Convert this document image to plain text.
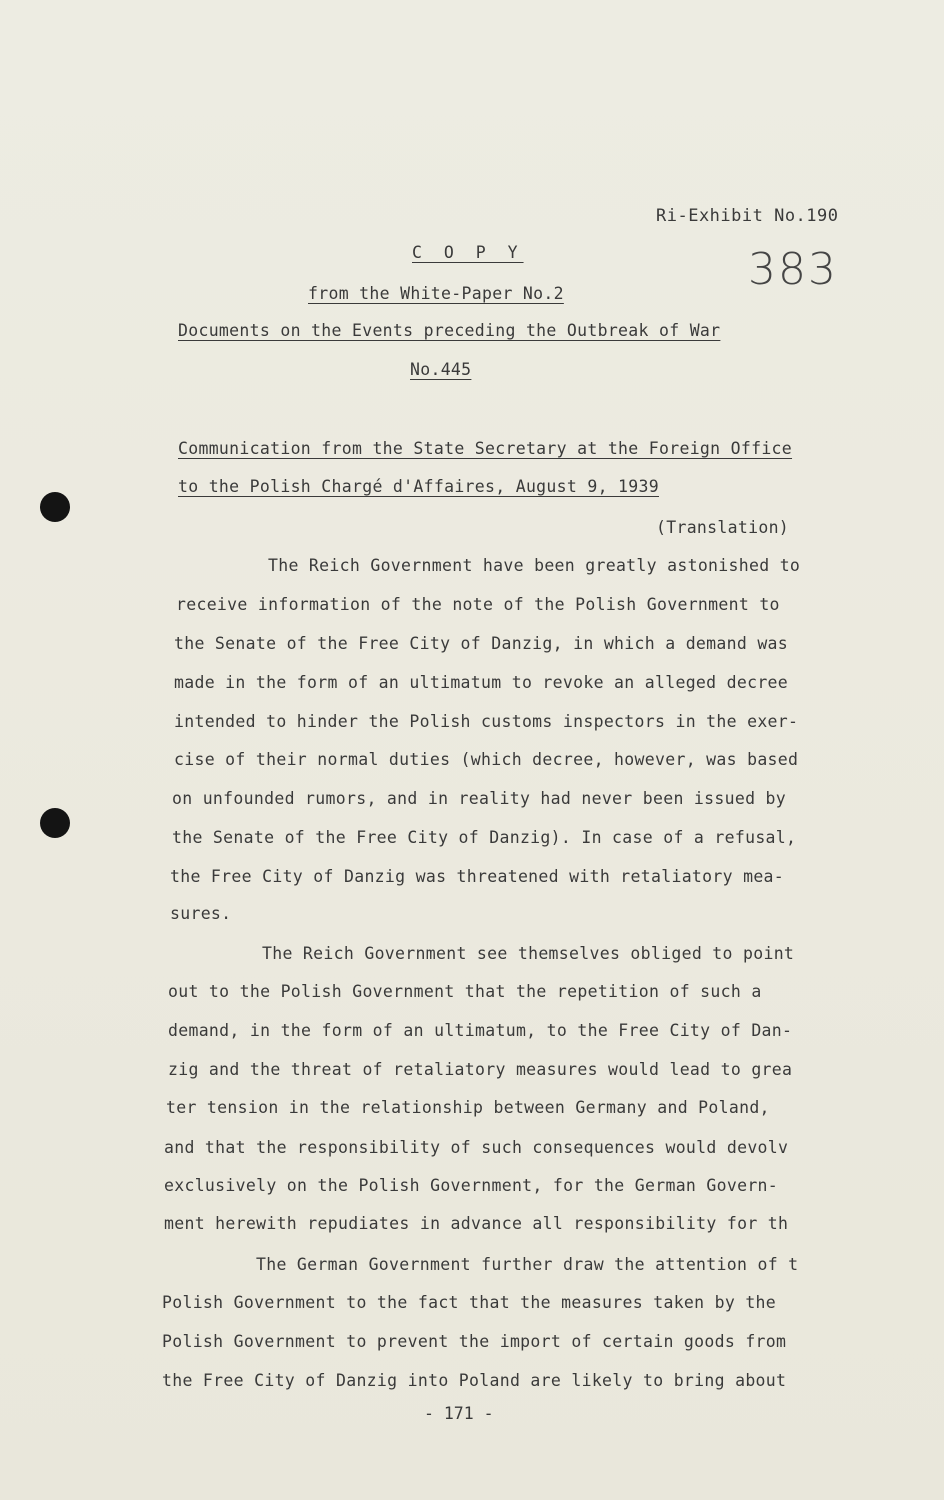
Ri-Exhibit No.190
383
C O P Y
from the White-Paper No.2
Documents on the Events preceding the Outbreak of War
No.445
Communication from the State Secretary at the Foreign Office
to the Polish Chargé d'Affaires, August 9, 1939
(Translation)
The Reich Government have been greatly astonished to
receive information of the note of the Polish Government to
the Senate of the Free City of Danzig, in which a demand was
made in the form of an ultimatum to revoke an alleged decree
intended to hinder the Polish customs inspectors in the exer-
cise of their normal duties (which decree, however, was based
on unfounded rumors, and in reality had never been issued by
the Senate of the Free City of Danzig). In case of a refusal,
the Free City of Danzig was threatened with retaliatory mea-
sures.
The Reich Government see themselves obliged to point
out to the Polish Government that the repetition of such a
demand, in the form of an ultimatum, to the Free City of Dan-
zig and the threat of retaliatory measures would lead to grea
ter tension in the relationship between Germany and Poland,
and that the responsibility of such consequences would devolv
exclusively on the Polish Government, for the German Govern-
ment herewith repudiates in advance all responsibility for th
The German Government further draw the attention of t
Polish Government to the fact that the measures taken by the
Polish Government to prevent the import of certain goods from
the Free City of Danzig into Poland are likely to bring about
- 171 -
